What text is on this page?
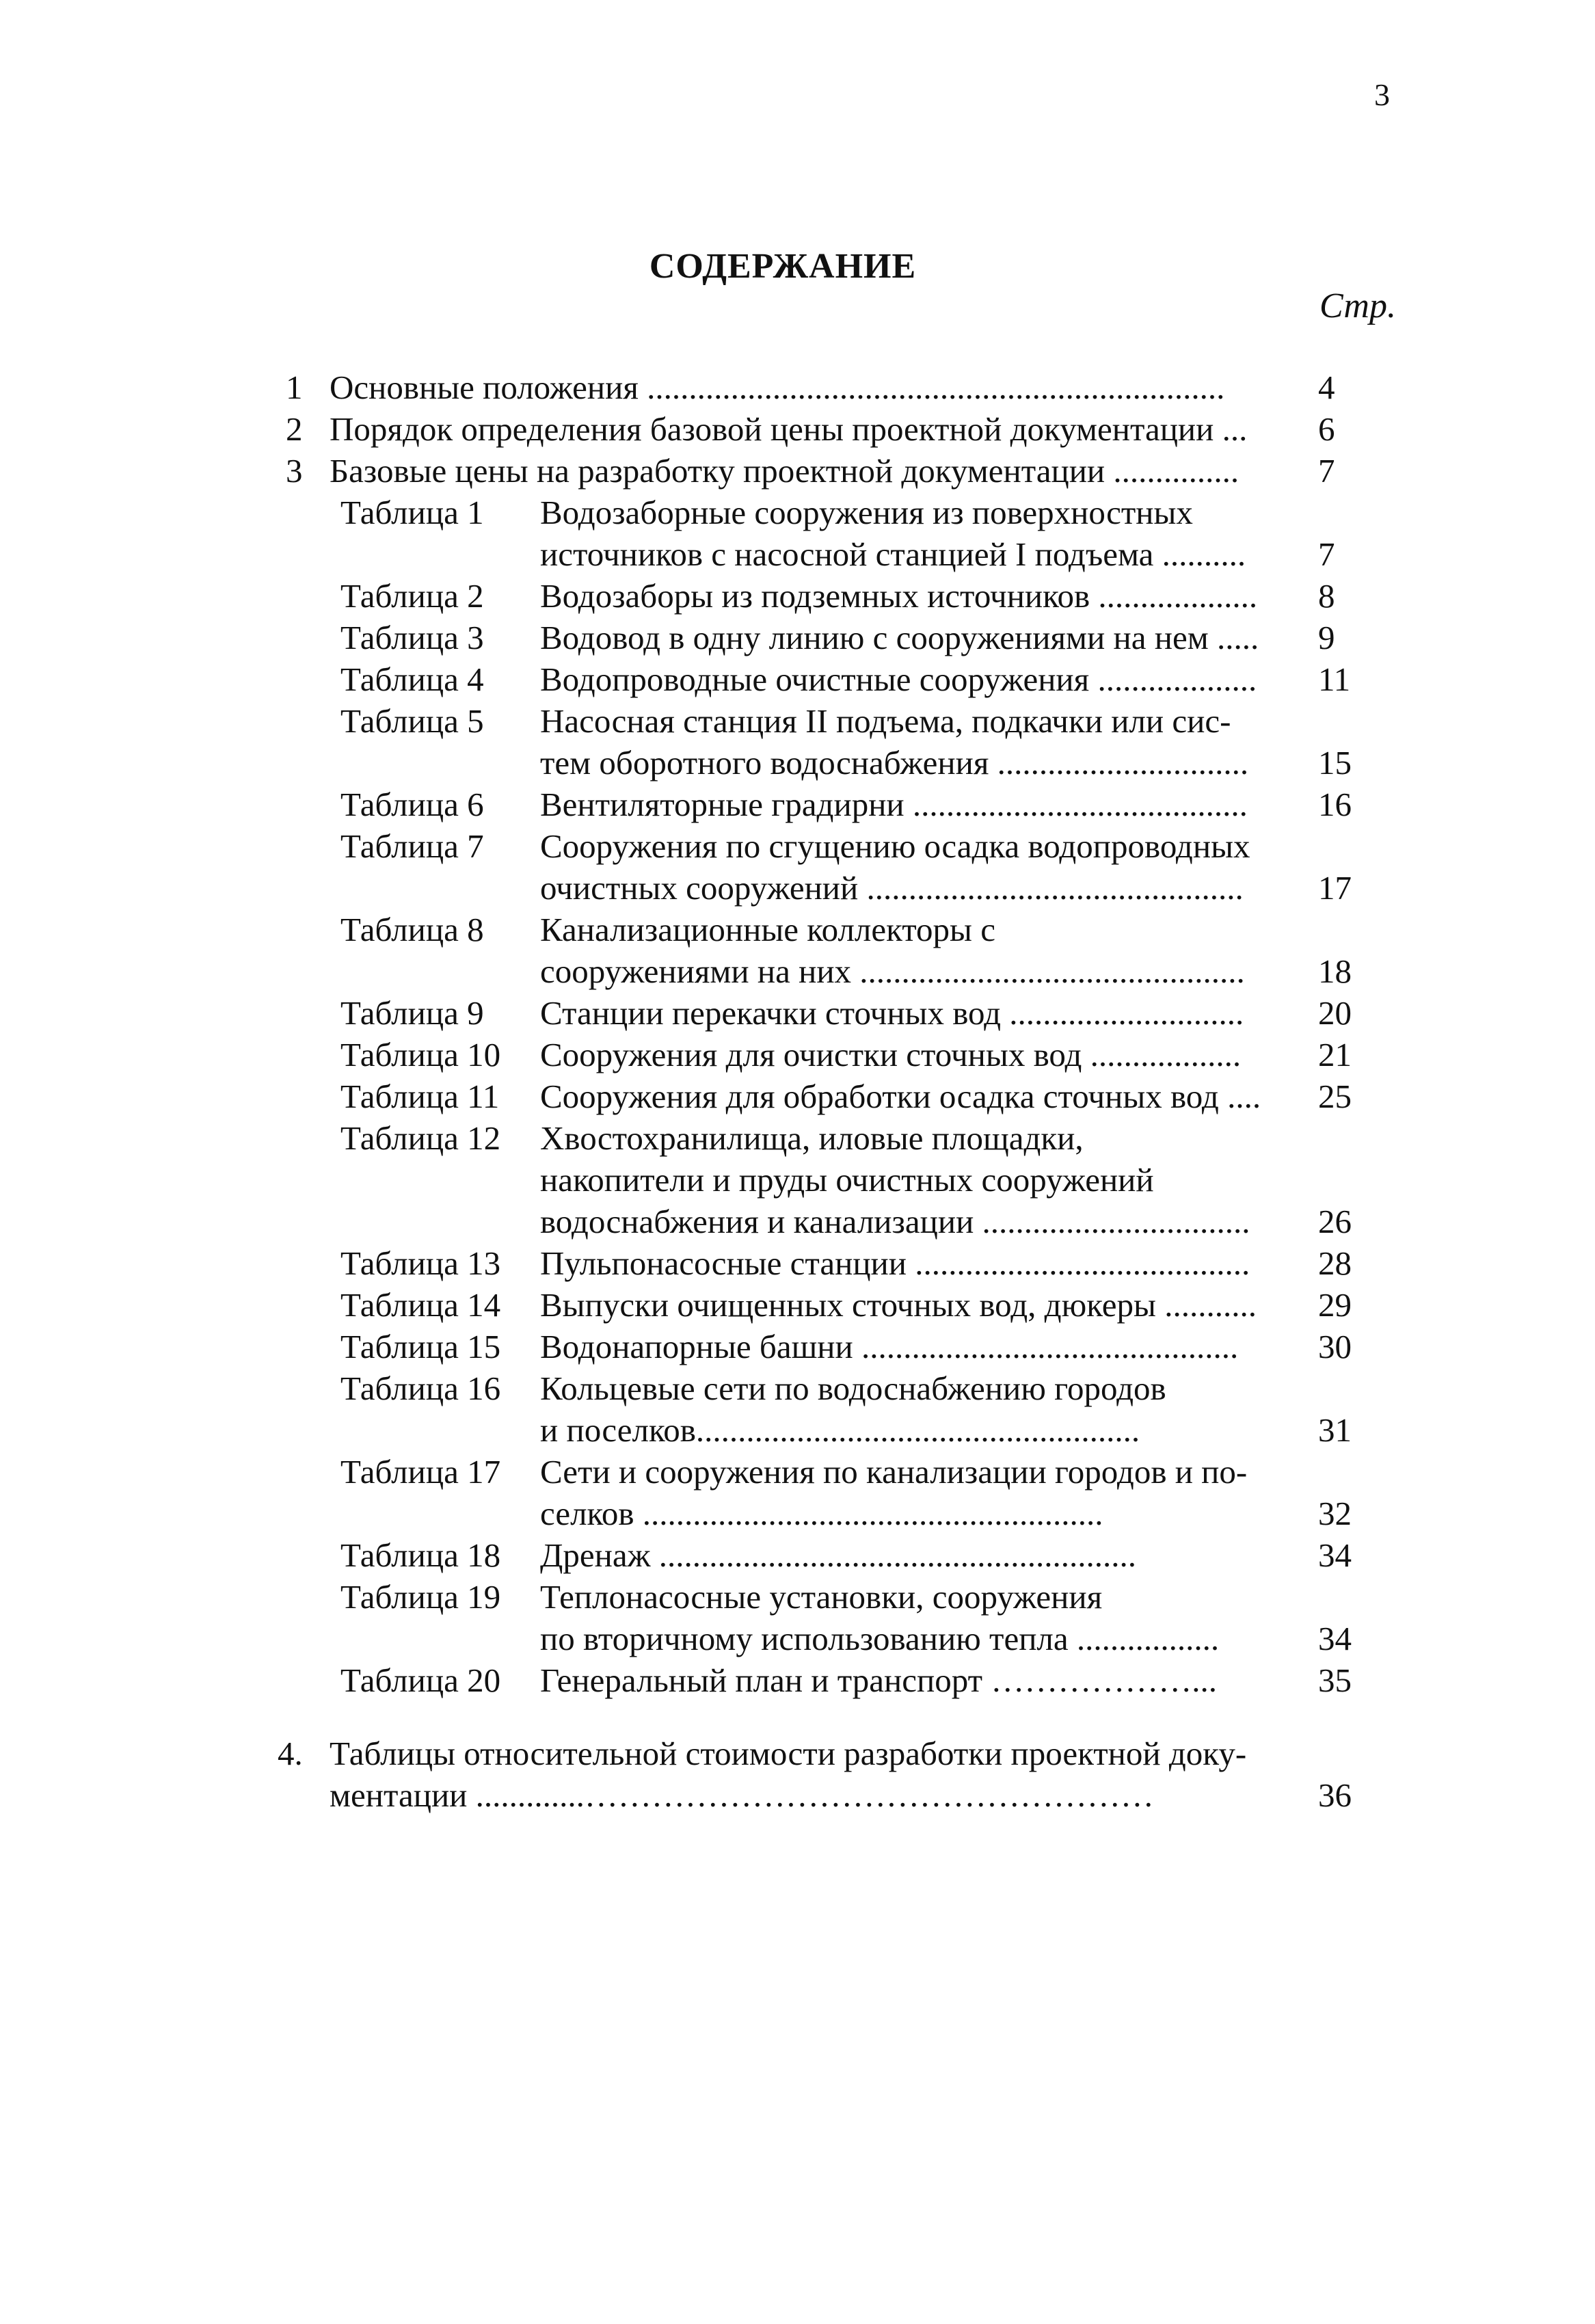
3
СОДЕРЖАНИЕ
Стр.
1 Основные положения .....................................................................	4
2 Порядок определения базовой цены проектной документации ... 6
3 Базовые цены на разработку проектной документации ............... 7
Таблица 1 Водозаборные сооружения из поверхностных
источников с насосной станцией I подъема .......... 7
Таблица 2 Водозаборы из подземных источников ................... 8
Таблица 3 Водовод в одну линию с сооружениями на нем ..... 9
Таблица 4 Водопроводные очистные сооружения ................... 11
Таблица 5 Насосная станция II подъема, подкачки или сис-
тем оборотного водоснабжения .............................. 15
Таблица 6 Вентиляторные градирни ........................................ 16
Таблица 7 Сооружения по сгущению осадка водопроводных
очистных сооружений ............................................. 17
Таблица 8 Канализационные коллекторы с
сооружениями на них .............................................. 18
Таблица 9 Станции перекачки сточных вод ............................ 20
Таблица 10 Сооружения для очистки сточных вод .................. 21
Таблица 11 Сооружения для обработки осадка сточных вод .... 25
Таблица 12 Хвостохранилища, иловые площадки,
накопители и пруды очистных сооружений
водоснабжения и канализации ................................ 26
Таблица 13 Пульпонасосные станции ........................................ 28
Таблица 14 Выпуски очищенных сточных вод, дюкеры ........... 29
Таблица 15 Водонапорные башни ............................................. 30
Таблица 16 Кольцевые сети по водоснабжению городов
и поселков.....................................................	31
Таблица 17 Сети и сооружения по канализации городов и по-
селков .......................................................	32
Таблица 18 Дренаж .........................................................	34
Таблица 19 Теплонасосные установки, сооружения
по вторичному использованию тепла .................	34
Таблица 20 Генеральный план и транспорт ………………...	35
4. Таблицы относительной стоимости разработки проектной доку-
ментации .............……………………………………………	36
